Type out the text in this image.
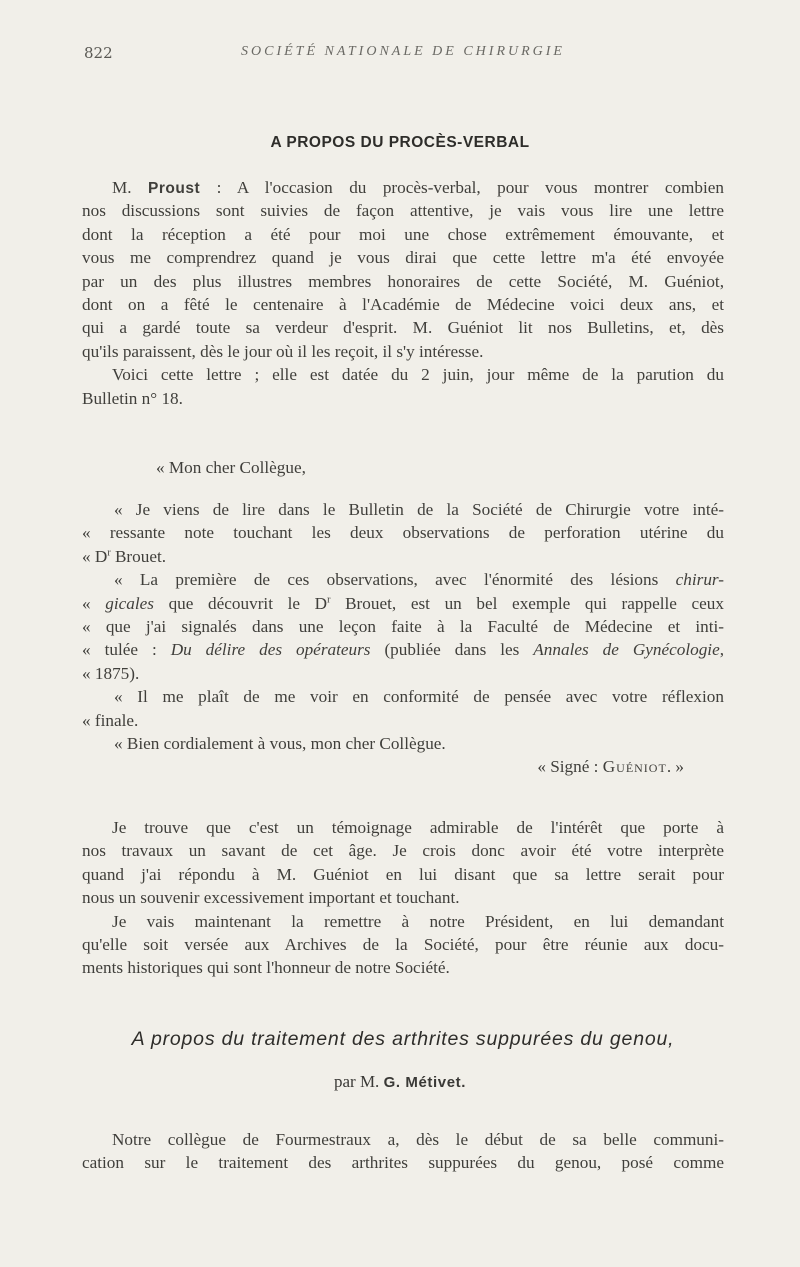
822	SOCIÉTÉ NATIONALE DE CHIRURGIE
A PROPOS DU PROCÈS-VERBAL
M. Proust : A l'occasion du procès-verbal, pour vous montrer combien
nos discussions sont suivies de façon attentive, je vais vous lire une lettre
dont la réception a été pour moi une chose extrêmement émouvante, et
vous me comprendrez quand je vous dirai que cette lettre m'a été envoyée
par un des plus illustres membres honoraires de cette Société, M. Guéniot,
dont on a fêté le centenaire à l'Académie de Médecine voici deux ans, et
qui a gardé toute sa verdeur d'esprit. M. Guéniot lit nos Bulletins, et, dès
qu'ils paraissent, dès le jour où il les reçoit, il s'y intéresse.
Voici cette lettre ; elle est datée du 2 juin, jour même de la parution du
Bulletin n° 18.
« Mon cher Collègue,
« Je viens de lire dans le Bulletin de la Société de Chirurgie votre inté-
« ressante note touchant les deux observations de perforation utérine du
« $D^r$ Brouet.
« La première de ces observations, avec l'énormité des lésions chirur-
« gicales que découvrit le $D^r$ Brouet, est un bel exemple qui rappelle ceux
« que j'ai signalés dans une leçon faite à la Faculté de Médecine et inti-
« tulée : Du délire des opérateurs (publiée dans les Annales de Gynécologie,
« 1875).
« Il me plaît de me voir en conformité de pensée avec votre réflexion
« finale.
« Bien cordialement à vous, mon cher Collègue.
« Signé : Guéniot. »
Je trouve que c'est un témoignage admirable de l'intérêt que porte à
nos travaux un savant de cet âge. Je crois donc avoir été votre interprète
quand j'ai répondu à M. Guéniot en lui disant que sa lettre serait pour
nous un souvenir excessivement important et touchant.
Je vais maintenant la remettre à notre Président, en lui demandant
qu'elle soit versée aux Archives de la Société, pour être réunie aux docu-
ments historiques qui sont l'honneur de notre Société.
A propos du traitement des arthrites suppurées du genou,
par M. G. Métivet.
Notre collègue de Fourmestraux a, dès le début de sa belle communi-
cation sur le traitement des arthrites suppurées du genou, posé comme
